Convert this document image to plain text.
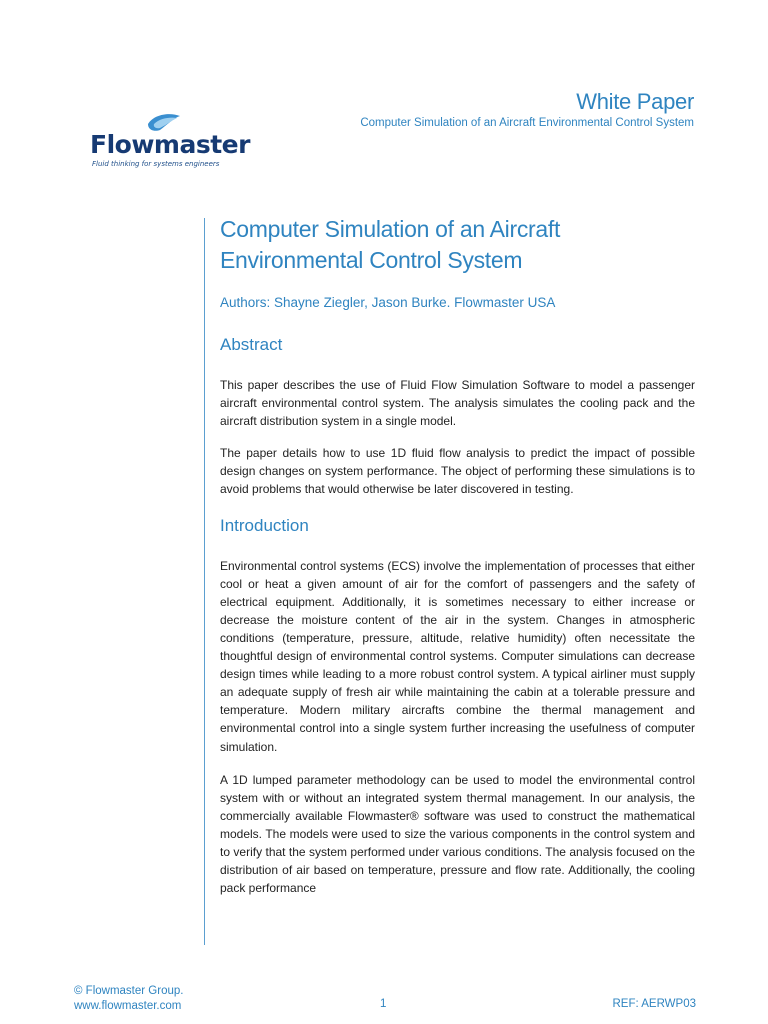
Flowmaster
Fluid thinking for systems engineers
White Paper
Computer Simulation of an Aircraft Environmental Control System
Computer Simulation of an Aircraft
Environmental Control System
Authors: Shayne Ziegler, Jason Burke. Flowmaster USA
Abstract

This paper describes the use of Fluid Flow Simulation Software to model a passenger aircraft environmental control system. The analysis simulates the cooling pack and the aircraft distribution system in a single model.

The paper details how to use 1D fluid flow analysis to predict the impact of possible design changes on system performance. The object of performing these simulations is to avoid problems that would otherwise be later discovered in testing.

Introduction

Environmental control systems (ECS) involve the implementation of processes that either cool or heat a given amount of air for the comfort of passengers and the safety of electrical equipment. Additionally, it is sometimes necessary to either increase or decrease the moisture content of the air in the system. Changes in atmospheric conditions (temperature, pressure, altitude, relative humidity) often necessitate the thoughtful design of environmental control systems. Computer simulations can decrease design times while leading to a more robust control system. A typical airliner must supply an adequate supply of fresh air while maintaining the cabin at a tolerable pressure and temperature. Modern military aircrafts combine the thermal management and environmental control into a single system further increasing the usefulness of computer simulation.

A 1D lumped parameter methodology can be used to model the environmental control system with or without an integrated system thermal management. In our analysis, the commercially available Flowmaster® software was used to construct the mathematical models. The models were used to size the various components in the control system and to verify that the system performed under various conditions. The analysis focused on the distribution of air based on temperature, pressure and flow rate. Additionally, the cooling pack performance

© Flowmaster Group.
www.flowmaster.com	1	REF: AERWP03
